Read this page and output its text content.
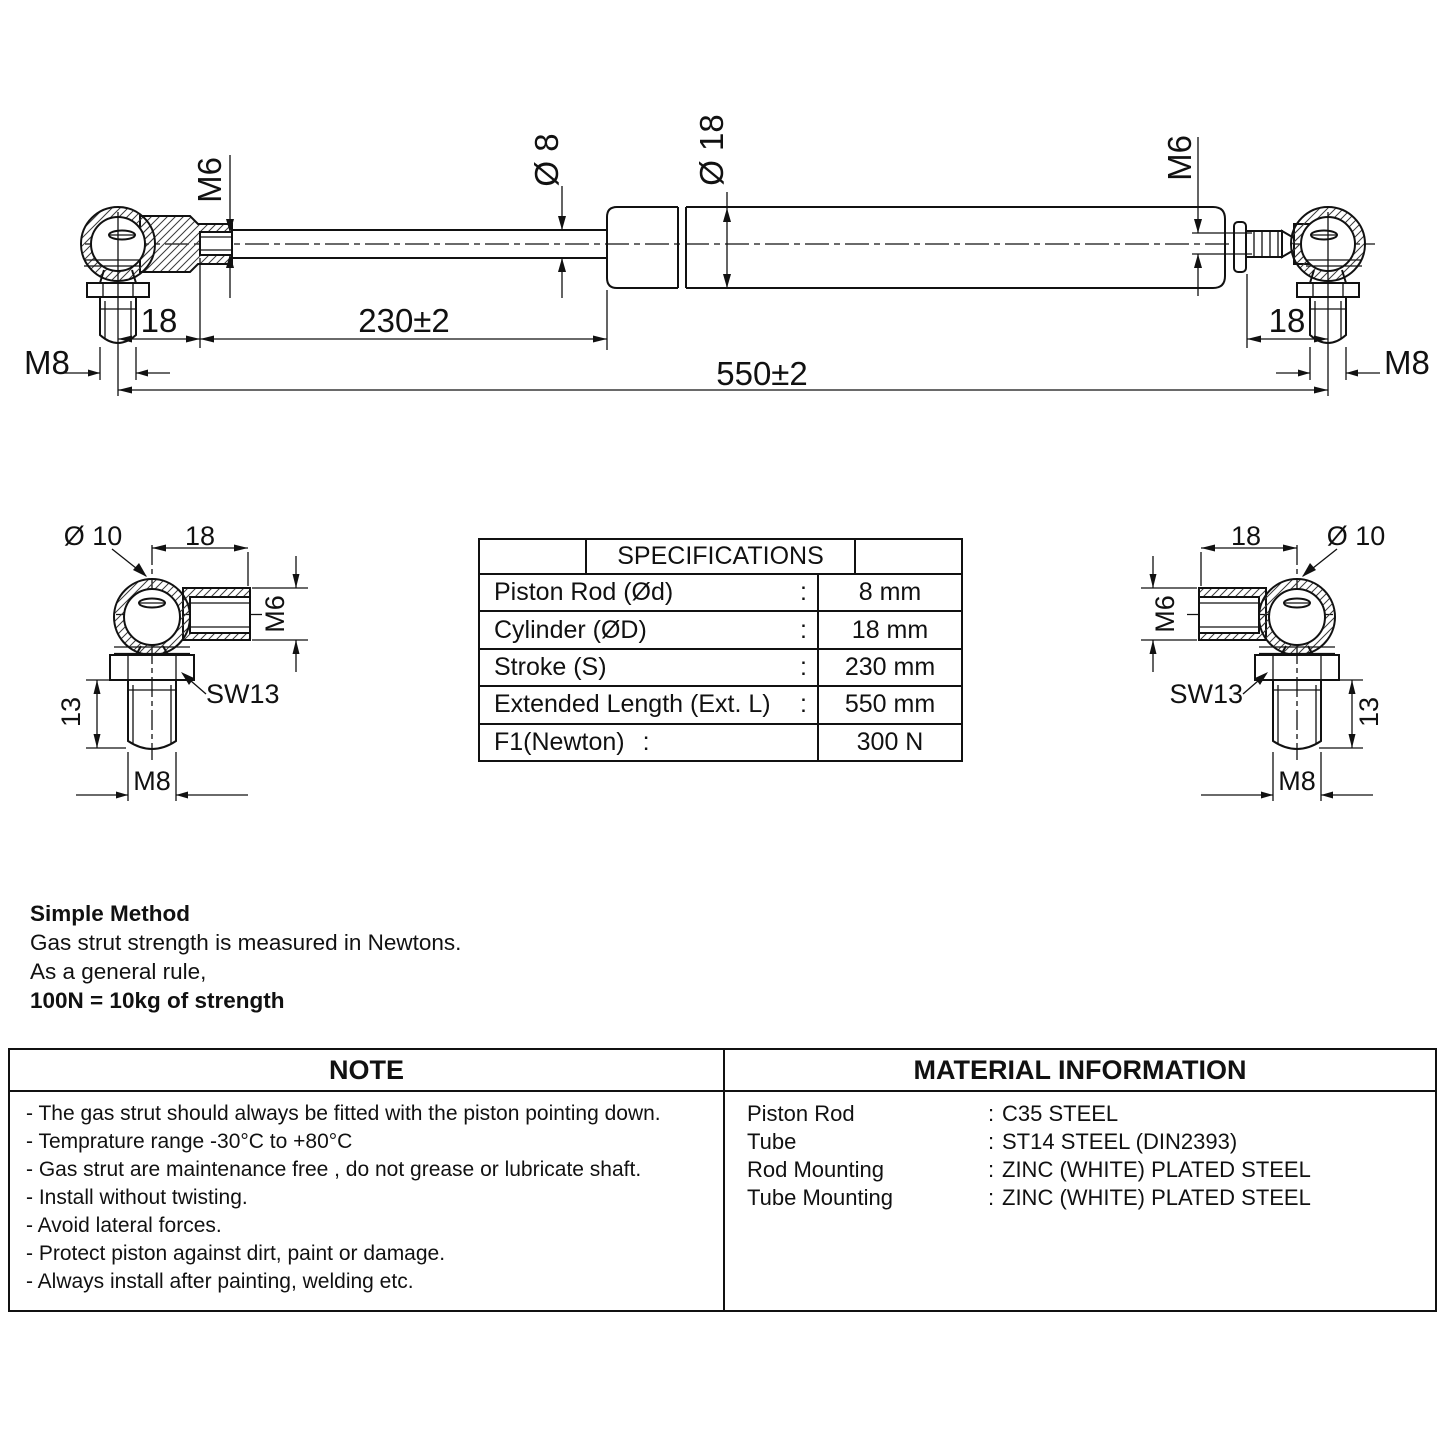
M6	Ø 8	Ø 18	M6
18	230±2	18
M8	M8
550±2
Ø 10 18
M6
SW13
13
M8
18 Ø 10
M6
SW13
13
M8
SPECIFICATIONS
Piston Rod (Ød)	:	8 mm
Cylinder (ØD)	:	18 mm
Stroke (S)	:	230 mm
Extended Length (Ext. L) :	550 mm
F1(Newton) :	300 N
Simple Method
Gas strut strength is measured in Newtons.
As a general rule,
100N = 10kg of strength
NOTE	MATERIAL INFORMATION
- The gas strut should always be fitted with the piston pointing down.
- Temprature range -30°C to +80°C
- Gas strut are maintenance free , do not grease or lubricate shaft.
- Install without twisting.
- Avoid lateral forces.
- Protect piston against dirt, paint or damage.
- Always install after painting, welding etc.
Piston Rod	: C35 STEEL
Tube	: ST14 STEEL (DIN2393)
Rod Mounting	: ZINC (WHITE) PLATED STEEL
Tube Mounting	: ZINC (WHITE) PLATED STEEL
